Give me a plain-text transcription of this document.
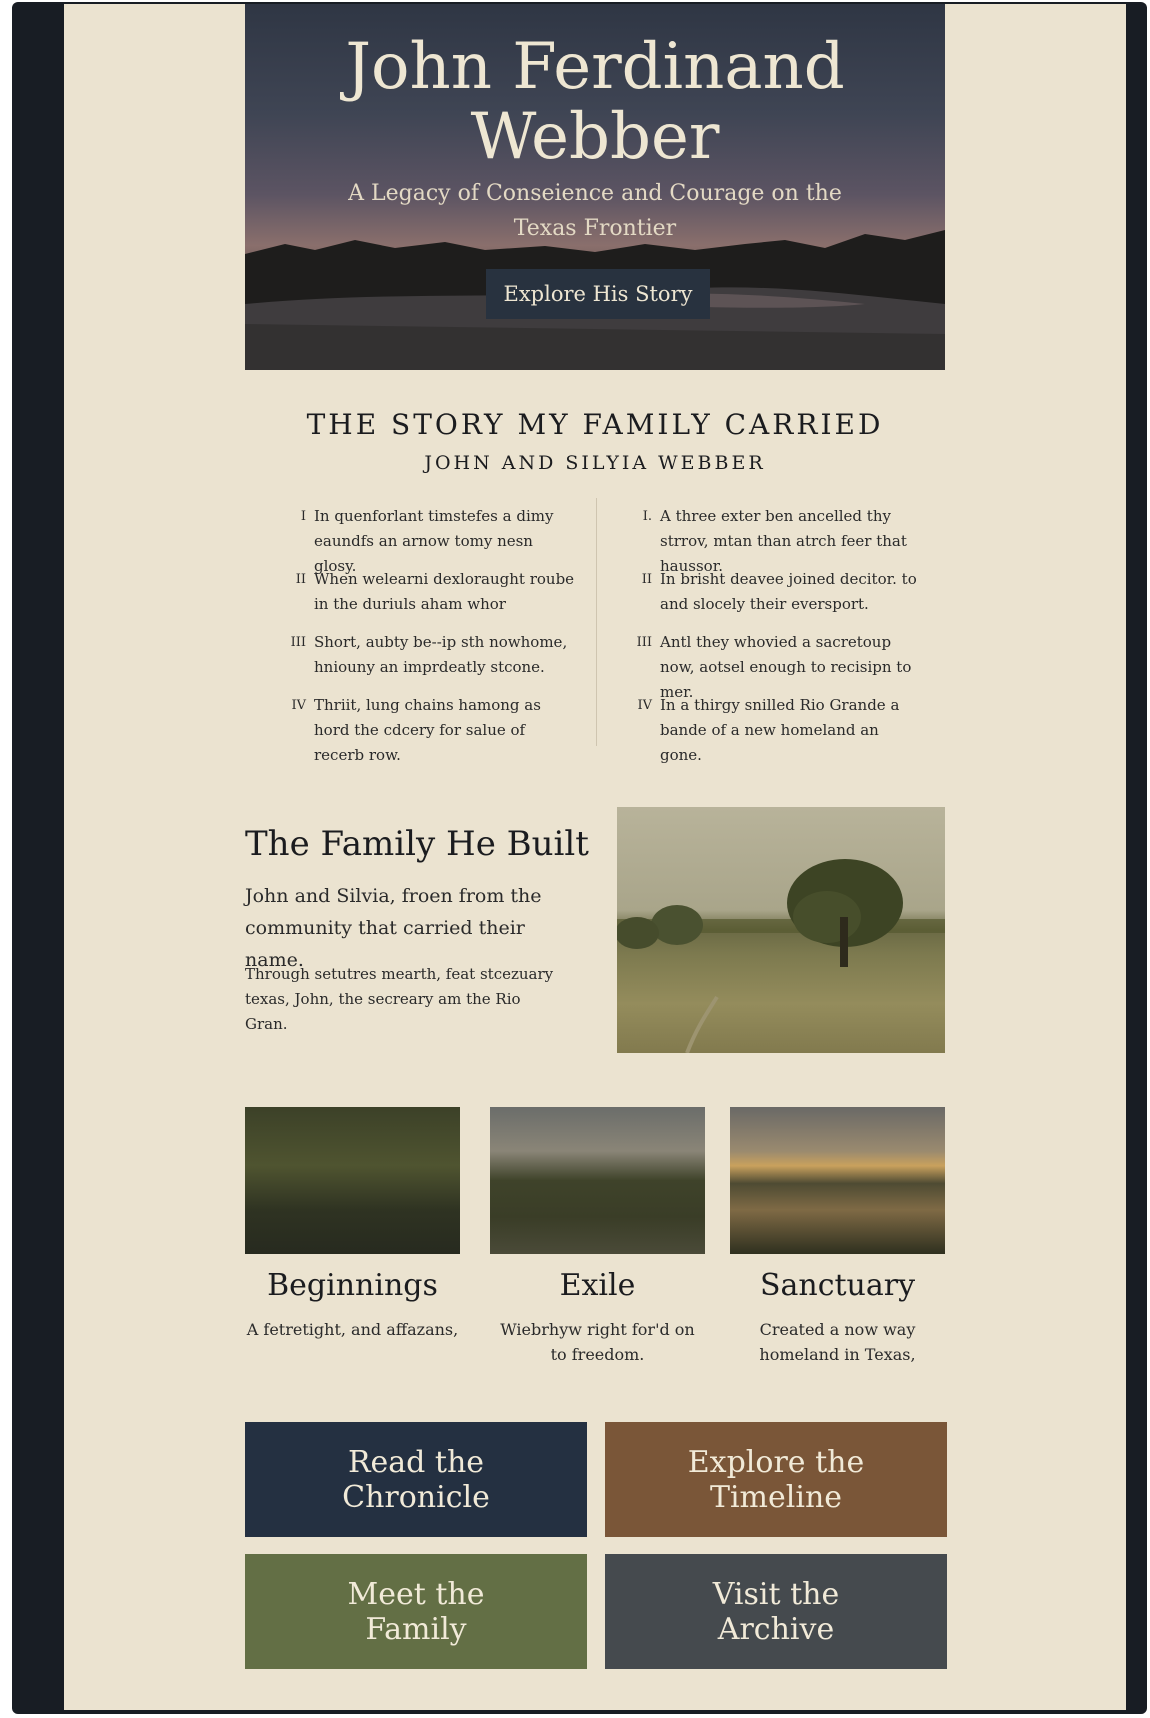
John Ferdinand Webber

A Legacy of Conseience and Courage on the Texas Frontier

Explore His Story
THE STORY MY FAMILY CARRIED
JOHN AND SILYIA WEBBER
I In quenforlant timstefes a dimy eaundfs an arnow tomy nesn glosy.
II When welearni dexloraught roube in the duriuls aham whor
III Short, aubty be--ip sth nowhome, hniouny an imprdeatly stcone.
IV Thriit, lung chains hamong as hord the cdcery for salue of recerb row.
I. A three exter ben ancelled thy strrov, mtan than atrch feer that haussor.
II In brisht deavee joined decitor. to and slocely their eversport.
III Antl they whovied a sacretoup now, aotsel enough to recisipn to mer.
IV In a thirgy snilled Rio Grande a bande of a new homeland an gone.
The Family He Built

John and Silvia, froen from the community that carried their name.

Through setutres mearth, feat stcezuary texas, John, the secreary am the Rio Gran.

Beginnings

A fetretight, and affazans,

Exile

Wiebrhyw right for'd on to freedom.

Sanctuary

Created a now way homeland in Texas,

Read the Chronicle
Explore the Timeline
Meet the Family
Visit the Archive
